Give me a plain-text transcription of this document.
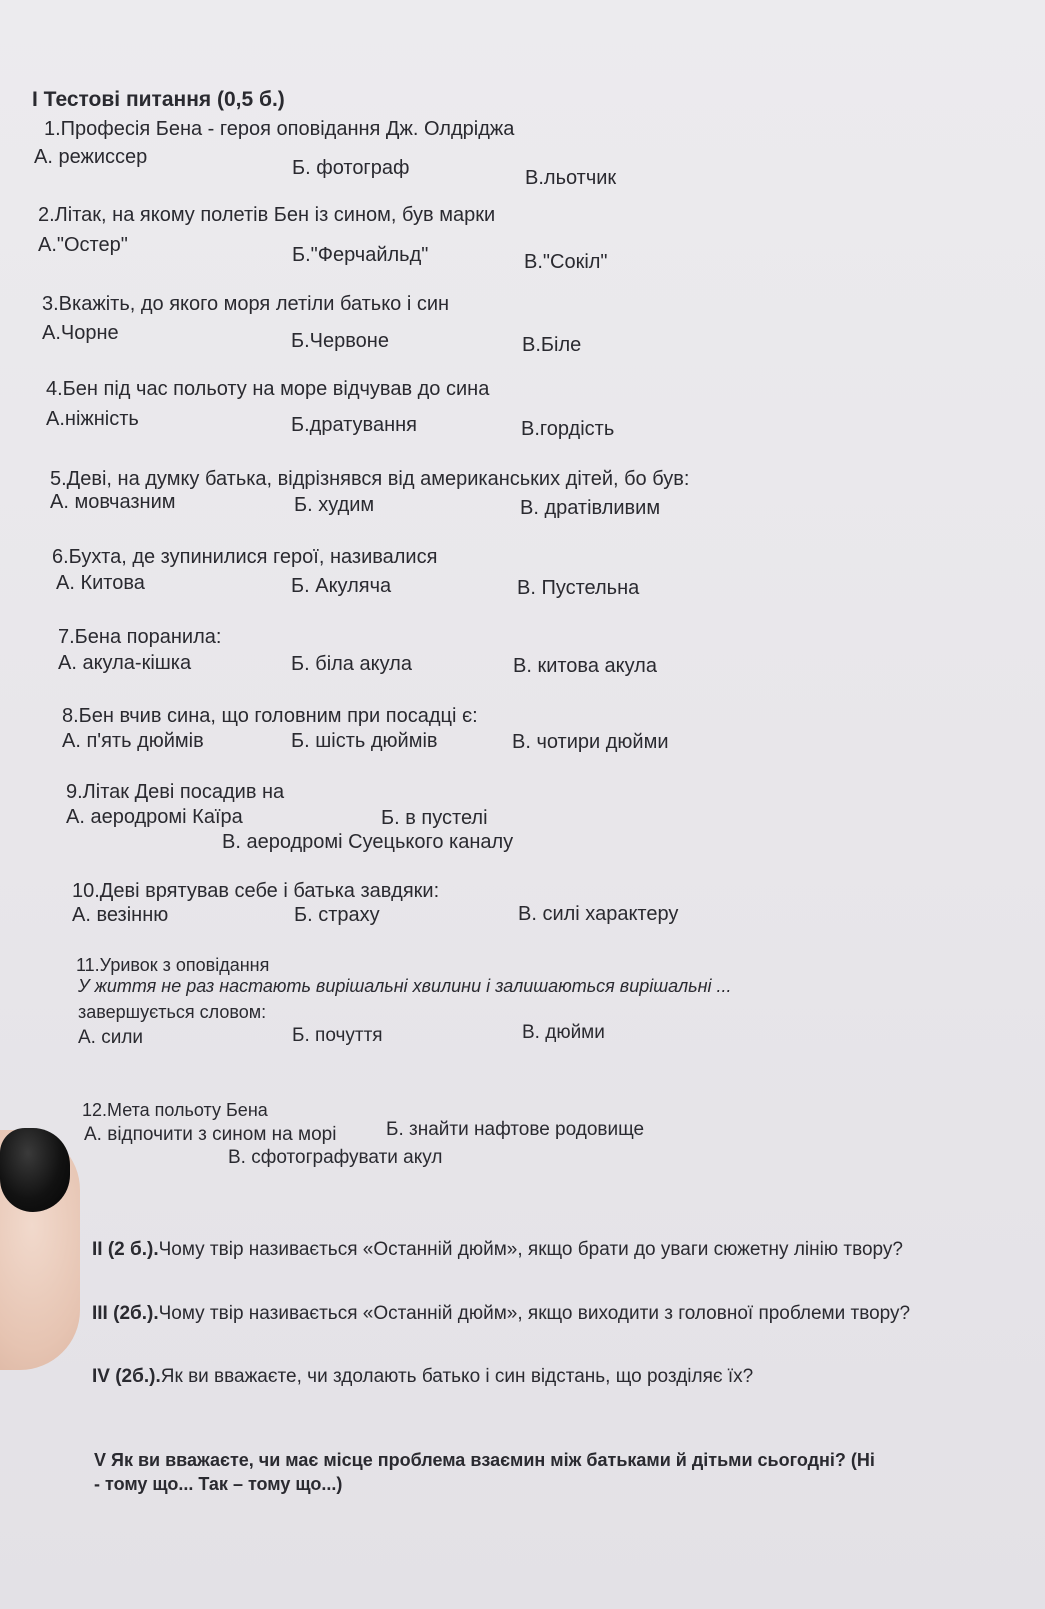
І Тестові питання (0,5 б.)
1.Професія Бена - героя оповідання Дж. Олдріджа
А. режиссер	Б. фотограф	В.льотчик
2.Літак, на якому полетів Бен із сином, був марки
А."Остер"	Б."Ферчайльд"	В."Сокіл"
3.Вкажіть, до якого моря летіли батько і син
А.Чорне	Б.Червоне	В.Біле
4.Бен під час польоту на море відчував до сина
А.ніжність	Б.дратування	В.гордість
5.Деві, на думку батька, відрізнявся від американських дітей, бо був:
А. мовчазним	Б. худим	В. дратівливим
6.Бухта, де зупинилися герої, називалися
А. Китова	Б. Акуляча	В. Пустельна
7.Бена поранила:
А. акула-кішка	Б. біла акула	В. китова акула
8.Бен вчив сина, що головним при посадці є:
А. п'ять дюймів	Б. шість дюймів	В. чотири дюйми
9.Літак Деві посадив на
А. аеродромі Каїра	Б. в пустелі
В. аеродромі Суецького каналу
10.Деві врятував себе і батька завдяки:
А. везінню	Б. страху	В. силі характеру
11.Уривок з оповідання
У життя не раз настають вирішальні хвилини і залишаються вирішальні ...
завершується словом:
А. сили	Б. почуття	В. дюйми
12.Мета польоту Бена
А. відпочити з сином на морі	Б. знайти нафтове родовище
В. сфотографувати акул
ІІ (2 б.).Чому твір називається «Останній дюйм», якщо брати до уваги сюжетну лінію твору?
ІІІ (2б.).Чому твір називається «Останній дюйм», якщо виходити з головної проблеми твору?
IV (2б.).Як ви вважаєте, чи здолають батько і син відстань, що розділяє їх?
V Як ви вважаєте, чи має місце проблема взаємин між батьками й дітьми сьогодні? (Ні
- тому що... Так – тому що...)
